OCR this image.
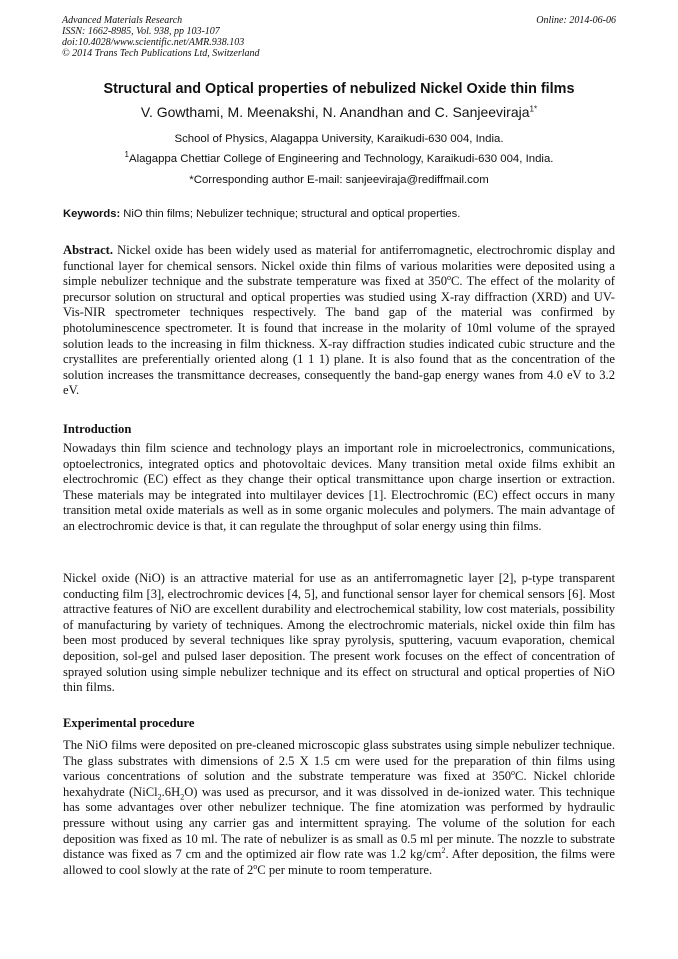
Advanced Materials Research
ISSN: 1662-8985, Vol. 938, pp 103-107
doi:10.4028/www.scientific.net/AMR.938.103
© 2014 Trans Tech Publications Ltd, Switzerland
Online: 2014-06-06
Structural and Optical properties of nebulized Nickel Oxide thin films
V. Gowthami, M. Meenakshi, N. Anandhan and C. Sanjeeviraja$^{1*}$
School of Physics, Alagappa University, Karaikudi-630 004, India.
$^1$Alagappa Chettiar College of Engineering and Technology, Karaikudi-630 004, India.
*Corresponding author E-mail: sanjeeviraja@rediffmail.com
Keywords: NiO thin films; Nebulizer technique; structural and optical properties.
Abstract. Nickel oxide has been widely used as material for antiferromagnetic, electrochromic display and functional layer for chemical sensors. Nickel oxide thin films of various molarities were deposited using a simple nebulizer technique and the substrate temperature was fixed at 350$^o$C. The effect of the molarity of precursor solution on structural and optical properties was studied using X-ray diffraction (XRD) and UV-Vis-NIR spectrometer techniques respectively. The band gap of the material was confirmed by photoluminescence spectrometer. It is found that increase in the molarity of 10ml volume of the sprayed solution leads to the increasing in film thickness. X-ray diffraction studies indicated cubic structure and the crystallites are preferentially oriented along (1 1 1) plane. It is also found that as the concentration of the solution increases the transmittance decreases, consequently the band-gap energy wanes from 4.0 eV to 3.2 eV.
Introduction
Nowadays thin film science and technology plays an important role in microelectronics, communications, optoelectronics, integrated optics and photovoltaic devices. Many transition metal oxide films exhibit an electrochromic (EC) effect as they change their optical transmittance upon charge insertion or extraction. These materials may be integrated into multilayer devices [1]. Electrochromic (EC) effect occurs in many transition metal oxide materials as well as in some organic molecules and polymers. The main advantage of an electrochromic device is that, it can regulate the throughput of solar energy using thin films.
Nickel oxide (NiO) is an attractive material for use as an antiferromagnetic layer [2], p-type transparent conducting film [3], electrochromic devices [4, 5], and functional sensor layer for chemical sensors [6]. Most attractive features of NiO are excellent durability and electrochemical stability, low cost materials, possibility of manufacturing by variety of techniques. Among the electrochromic materials, nickel oxide thin film has been most produced by several techniques like spray pyrolysis, sputtering, vacuum evaporation, chemical deposition, sol-gel and pulsed laser deposition. The present work focuses on the effect of concentration of sprayed solution using simple nebulizer technique and its effect on structural and optical properties of NiO thin films.
Experimental procedure
The NiO films were deposited on pre-cleaned microscopic glass substrates using simple nebulizer technique. The glass substrates with dimensions of 2.5 X 1.5 cm were used for the preparation of thin films using various concentrations of solution and the substrate temperature was fixed at 350$^o$C. Nickel chloride hexahydrate $(NiCl_2.6H_2O)$ was used as precursor, and it was dissolved in de-ionized water. This technique has some advantages over other nebulizer technique. The fine atomization was performed by hydraulic pressure without using any carrier gas and intermittent spraying. The volume of the solution for each deposition was fixed as 10 ml. The rate of nebulizer is as small as 0.5 ml per minute. The nozzle to substrate distance was fixed as 7 cm and the optimized air flow rate was 1.2 $kg/cm^2$. After deposition, the films were allowed to cool slowly at the rate of 2$^o$C per minute to room temperature.
